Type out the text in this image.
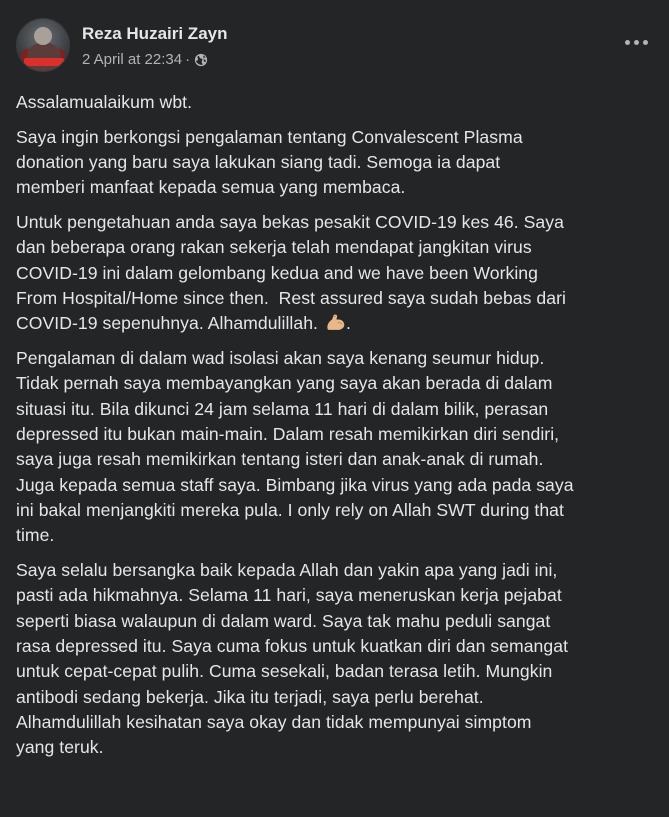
Reza Huzairi Zayn
2 April at 22:34 ·

Assalamualaikum wbt.

Saya ingin berkongsi pengalaman tentang Convalescent Plasma
donation yang baru saya lakukan siang tadi. Semoga ia dapat
memberi manfaat kepada semua yang membaca.

Untuk pengetahuan anda saya bekas pesakit COVID-19 kes 46. Saya
dan beberapa orang rakan sekerja telah mendapat jangkitan virus
COVID-19 ini dalam gelombang kedua and we have been Working
From Hospital/Home since then.  Rest assured saya sudah bebas dari
COVID-19 sepenuhnya. Alhamdulillah. .

Pengalaman di dalam wad isolasi akan saya kenang seumur hidup.
Tidak pernah saya membayangkan yang saya akan berada di dalam
situasi itu. Bila dikunci 24 jam selama 11 hari di dalam bilik, perasan
depressed itu bukan main-main. Dalam resah memikirkan diri sendiri,
saya juga resah memikirkan tentang isteri dan anak-anak di rumah.
Juga kepada semua staff saya. Bimbang jika virus yang ada pada saya
ini bakal menjangkiti mereka pula. I only rely on Allah SWT during that
time.

Saya selalu bersangka baik kepada Allah dan yakin apa yang jadi ini,
pasti ada hikmahnya. Selama 11 hari, saya meneruskan kerja pejabat
seperti biasa walaupun di dalam ward. Saya tak mahu peduli sangat
rasa depressed itu. Saya cuma fokus untuk kuatkan diri dan semangat
untuk cepat-cepat pulih. Cuma sesekali, badan terasa letih. Mungkin
antibodi sedang bekerja. Jika itu terjadi, saya perlu berehat.
Alhamdulillah kesihatan saya okay dan tidak mempunyai simptom
yang teruk.
